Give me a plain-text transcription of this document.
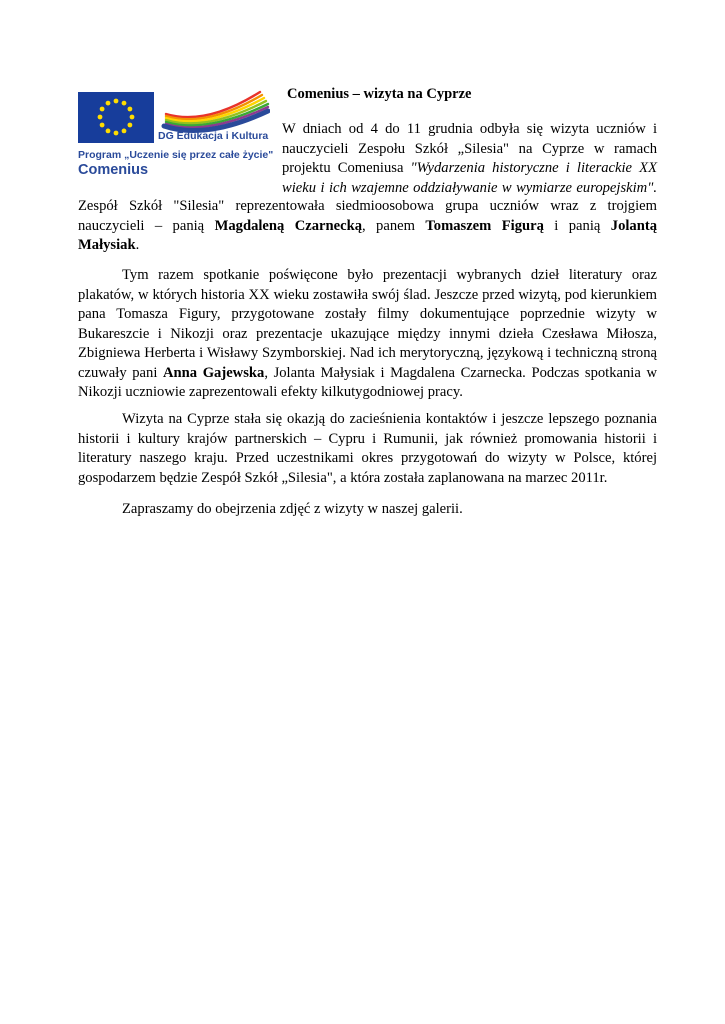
DG Edukacja i Kultura
Program „Uczenie się przez całe życie"
Comenius
Comenius – wizyta na Cyprze
W dniach od 4 do 11 grudnia odbyła się wizyta uczniów i
nauczycieli Zespołu Szkół „Silesia" na Cyprze w ramach
projektu Comeniusa "Wydarzenia historyczne i literackie XX
wieku i ich wzajemne oddziaływanie w wymiarze europejskim".
Zespół Szkół "Silesia" reprezentowała siedmioosobowa grupa uczniów wraz z trojgiem
nauczycieli – panią Magdaleną Czarnecką, panem Tomaszem Figurą i panią Jolantą
Małysiak.
Tym razem spotkanie poświęcone było prezentacji wybranych dzieł literatury oraz
plakatów, w których historia XX wieku zostawiła swój ślad. Jeszcze przed wizytą, pod kierunkiem
pana Tomasza Figury, przygotowane zostały filmy dokumentujące poprzednie wizyty w
Bukareszcie i Nikozji oraz prezentacje ukazujące między innymi dzieła Czesława Miłosza,
Zbigniewa Herberta i Wisławy Szymborskiej. Nad ich merytoryczną, językową i techniczną stroną
czuwały pani Anna Gajewska, Jolanta Małysiak i Magdalena Czarnecka. Podczas spotkania w
Nikozji uczniowie zaprezentowali efekty kilkutygodniowej pracy.
Wizyta na Cyprze stała się okazją do zacieśnienia kontaktów i jeszcze lepszego poznania
historii i kultury krajów partnerskich – Cypru i Rumunii, jak również promowania historii i
literatury naszego kraju. Przed uczestnikami okres przygotowań do wizyty w Polsce, której
gospodarzem będzie Zespół Szkół „Silesia", a która została zaplanowana na marzec 2011r.
Zapraszamy do obejrzenia zdjęć z wizyty w naszej galerii.
